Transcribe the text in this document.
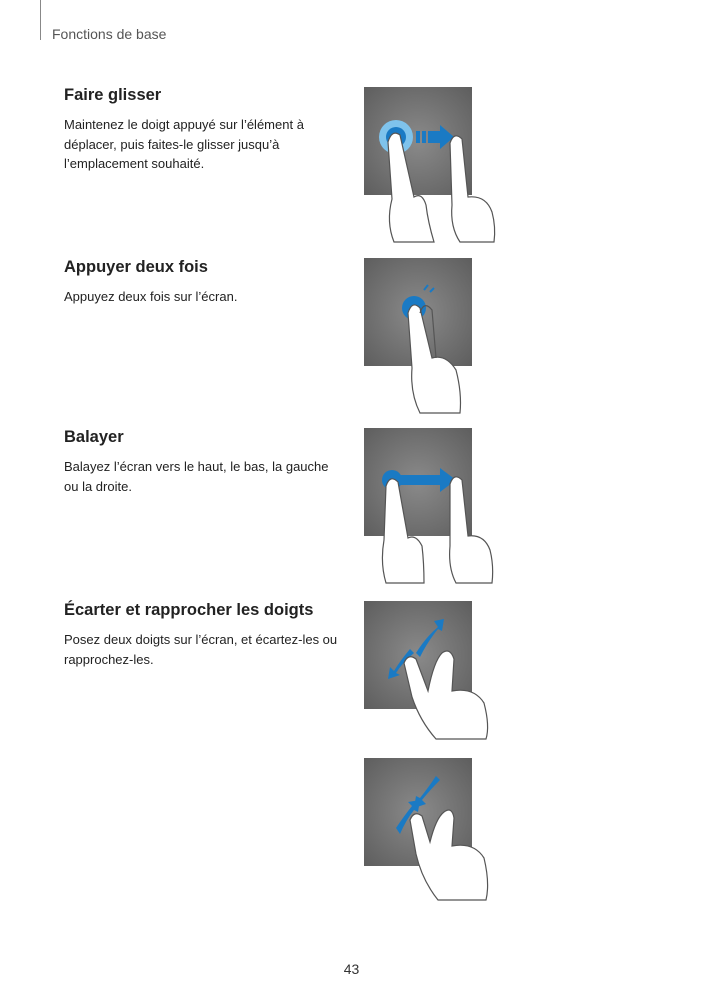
Fonctions de base
Faire glisser

Maintenez le doigt appuyé sur l’élément à déplacer, puis faites-le glisser jusqu’à l’emplacement souhaité.

Appuyer deux fois

Appuyez deux fois sur l’écran.

Balayer

Balayez l’écran vers le haut, le bas, la gauche ou la droite.

Écarter et rapprocher les doigts

Posez deux doigts sur l’écran, et écartez-les ou rapprochez-les.

43
